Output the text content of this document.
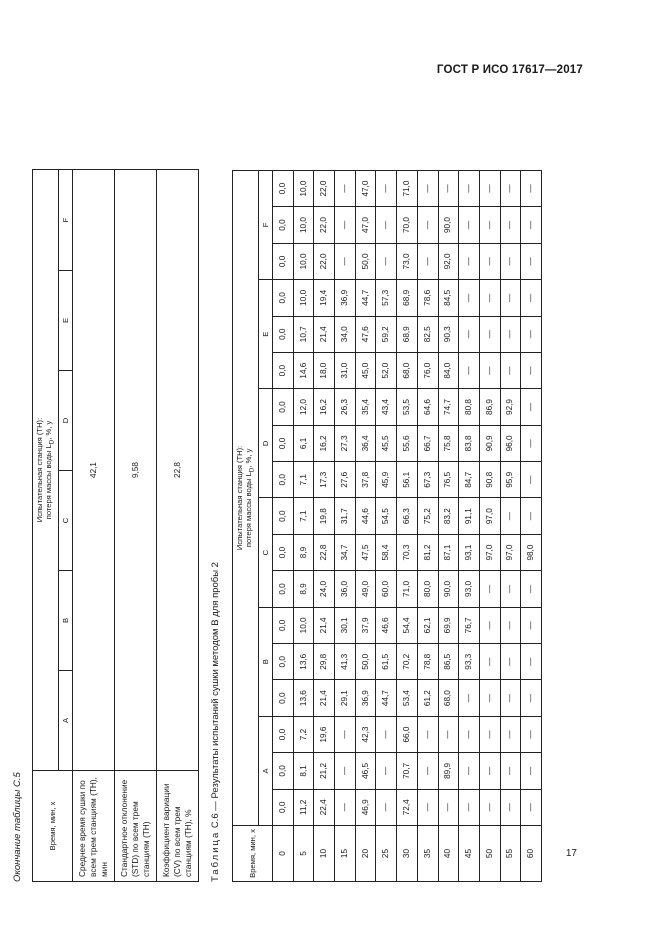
ГОСТ Р ИСО 17617—2017
Окончание таблицы С.5	Время, мин, x	Испытательная станция (TH): потеря массы воды $L_D$, %, y					

	A	B	C	D	E	F
Среднее время сушки по всем трем станциям (TH), мин	42,1					
Стандартное отклонение (STD) по всем трем станциям (TH)	9,58					
Коэффициент вариации (CV) по всем трем станциям (TH), %	22,8					
Таблица С.6 — Результаты испытаний сушки методом В для пробы 2
Время, мин, x	Испытательная станция (TH): потеря массы воды $L_D$, %, y																	

	A			B			C			D			E			F		
0	0,0	0,0	0,0	0,0	0,0	0,0	0,0	0,0	0,0	0,0	0,0	0,0	0,0	0,0	0,0	0,0	0,0	0,0
5	11,2	8,1	7,2	13,6	13,6	10,0	8,9	8,9	7,1	7,1	6,1	12,0	14,6	10,7	10,0	10,0	10,0	10,0
10	22,4	21,2	19,6	21,4	29,8	21,4	24,0	22,8	19,8	17,3	16,2	16,2	18,0	21,4	19,4	22,0	22,0	22,0
15	—	—	—	29,1	41,3	30,1	36,0	34,7	31,7	27,6	27,3	26,3	31,0	34,0	36,9	—	—	—
20	46,9	46,5	42,3	36,9	50,0	37,9	49,0	47,5	44,6	37,8	36,4	35,4	45,0	47,6	44,7	50,0	47,0	47,0
25	—	—	—	44,7	61,5	46,6	60,0	58,4	54,5	45,9	45,5	43,4	52,0	59,2	57,3	—	—	—
30	72,4	70,7	66,0	53,4	70,2	54,4	71,0	70,3	66,3	56,1	55,6	53,5	68,0	68,9	68,9	73,0	70,0	71,0
35	—	—	—	61,2	78,8	62,1	80,0	81,2	75,2	67,3	66,7	64,6	76,0	82,5	78,6	—	—	—
40	—	89,9	—	68,0	86,5	69,9	90,0	87,1	83,2	76,5	75,8	74,7	84,0	90,3	84,5	92,0	90,0	—
45	—	—	—	—	93,3	76,7	93,0	93,1	91,1	84,7	83,8	80,8	—	—	—	—	—	—
50	—	—	—	—	—	—	—	97,0	97,0	90,8	90,9	86,9	—	—	—	—	—	—
55	—	—	—	—	—	—	—	97,0	—	95,9	96,0	92,9	—	—	—	—	—	—
60	—	—	—	—	—	—	—	98,0	—	—	—	—	—	—	—	—	—	—
17
